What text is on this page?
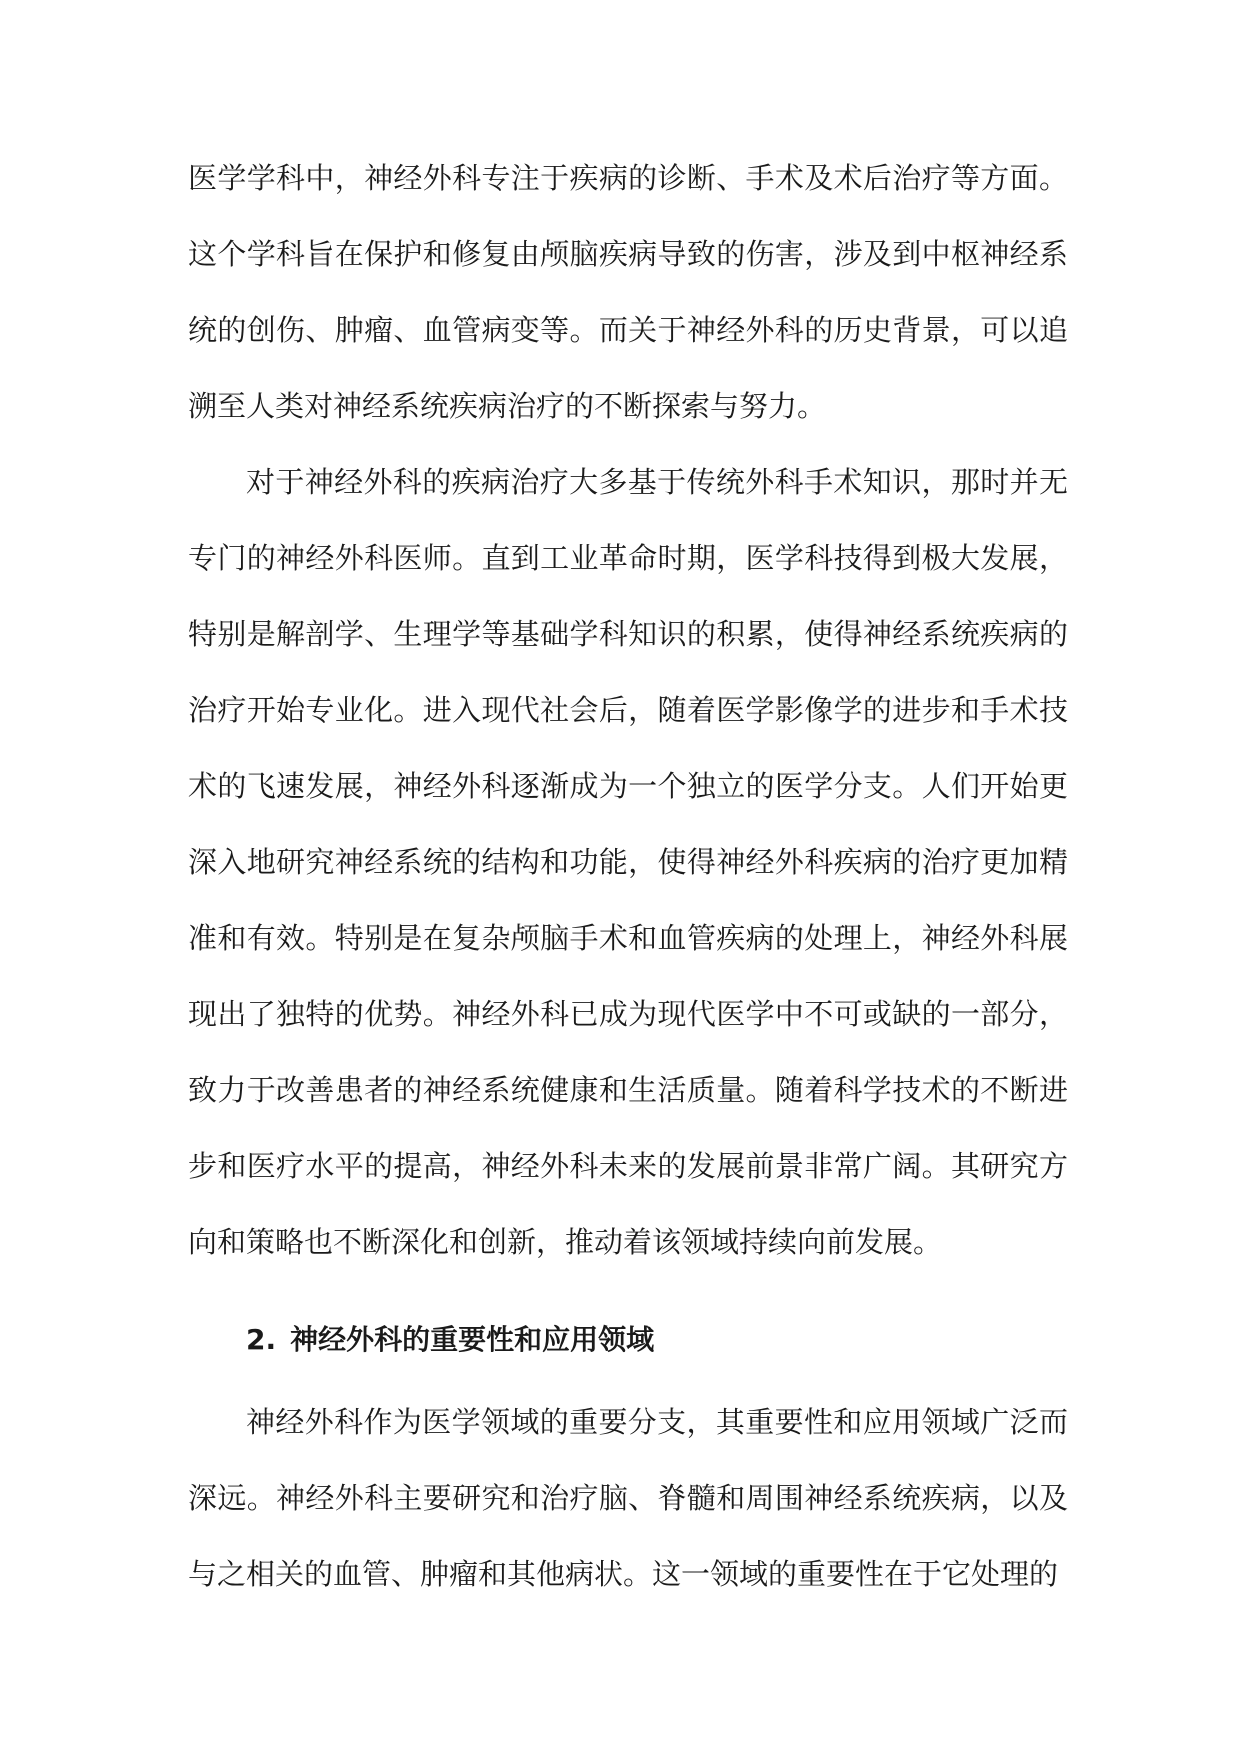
医学学科中，神经外科专注于疾病的诊断、手术及术后治疗等方面。这个学科旨在保护和修复由颅脑疾病导致的伤害，涉及到中枢神经系统的创伤、肿瘤、血管病变等。而关于神经外科的历史背景，可以追溯至人类对神经系统疾病治疗的不断探索与努力。

对于神经外科的疾病治疗大多基于传统外科手术知识，那时并无专门的神经外科医师。直到工业革命时期，医学科技得到极大发展，特别是解剖学、生理学等基础学科知识的积累，使得神经系统疾病的治疗开始专业化。进入现代社会后，随着医学影像学的进步和手术技术的飞速发展，神经外科逐渐成为一个独立的医学分支。人们开始更深入地研究神经系统的结构和功能，使得神经外科疾病的治疗更加精准和有效。特别是在复杂颅脑手术和血管疾病的处理上，神经外科展现出了独特的优势。神经外科已成为现代医学中不可或缺的一部分，致力于改善患者的神经系统健康和生活质量。随着科学技术的不断进步和医疗水平的提高，神经外科未来的发展前景非常广阔。其研究方向和策略也不断深化和创新，推动着该领域持续向前发展。

2. 神经外科的重要性和应用领域

神经外科作为医学领域的重要分支，其重要性和应用领域广泛而深远。神经外科主要研究和治疗脑、脊髓和周围神经系统疾病，以及与之相关的血管、肿瘤和其他病状。这一领域的重要性在于它处理的
